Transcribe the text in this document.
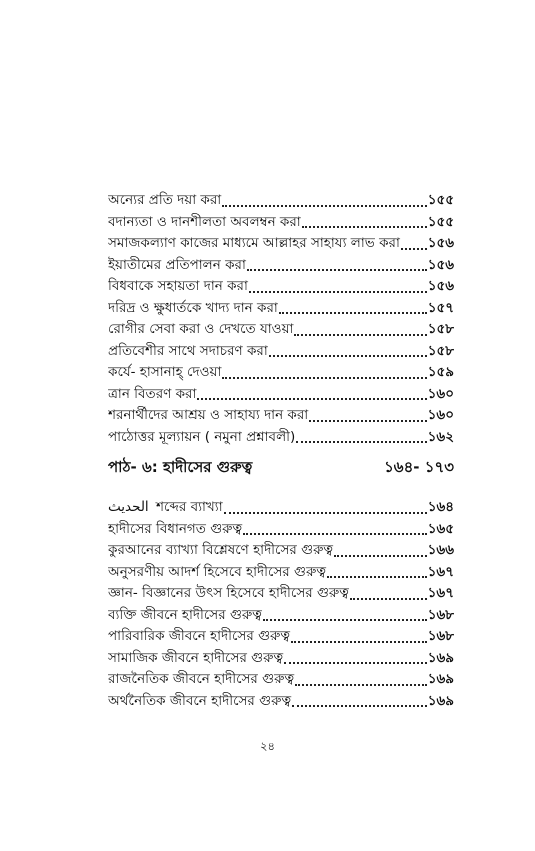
অন্যের প্রতি দয়া করা	১৫৫
বদান্যতা ও দানশীলতা অবলম্বন করা	১৫৫
সমাজকল্যাণ কাজের মাধ্যমে আল্লাহর সাহায্য লাভ করা ১৫৬
ইয়াতীমের প্রতিপালন করা	১৫৬
বিধবাকে সহায়তা দান করা	১৫৬
দরিদ্র ও ক্ষুধার্তকে খাদ্য দান করা	১৫৭
রোগীর সেবা করা ও দেখতে যাওয়া	১৫৮
প্রতিবেশীর সাথে সদাচরণ করা	১৫৮
কর্যে- হাসানাহ্ দেওয়া	১৫৯
ত্রান বিতরণ করা	১৬০
শরনার্থীদের আশ্রয় ও সাহায্য দান করা	১৬০
পাঠোত্তর মূল্যায়ন ( নমুনা প্রশ্নাবলী)	১৬২
পাঠ- ৬: হাদীসের গুরুত্ব	১৬৪- ১৭৩
الحديث শব্দের ব্যাখ্যা	১৬৪
হাদীসের বিধানগত গুরুত্ব	১৬৫
কুরআনের ব্যাখ্যা বিশ্লেষণে হাদীসের গুরুত্ব	১৬৬
অনুসরণীয় আদর্শ হিসেবে হাদীসের গুরুত্ব	১৬৭
জ্ঞান- বিজ্ঞানের উৎস হিসেবে হাদীসের গুরুত্ব	১৬৭
ব্যক্তি জীবনে হাদীসের গুরুত্ব	১৬৮
পারিবারিক জীবনে হাদীসের গুরুত্ব	১৬৮
সামাজিক জীবনে হাদীসের গুরুত্ব	১৬৯
রাজনৈতিক জীবনে হাদীসের গুরুত্ব	১৬৯
অর্থনৈতিক জীবনে হাদীসের গুরুত্ব	১৬৯
২৪
